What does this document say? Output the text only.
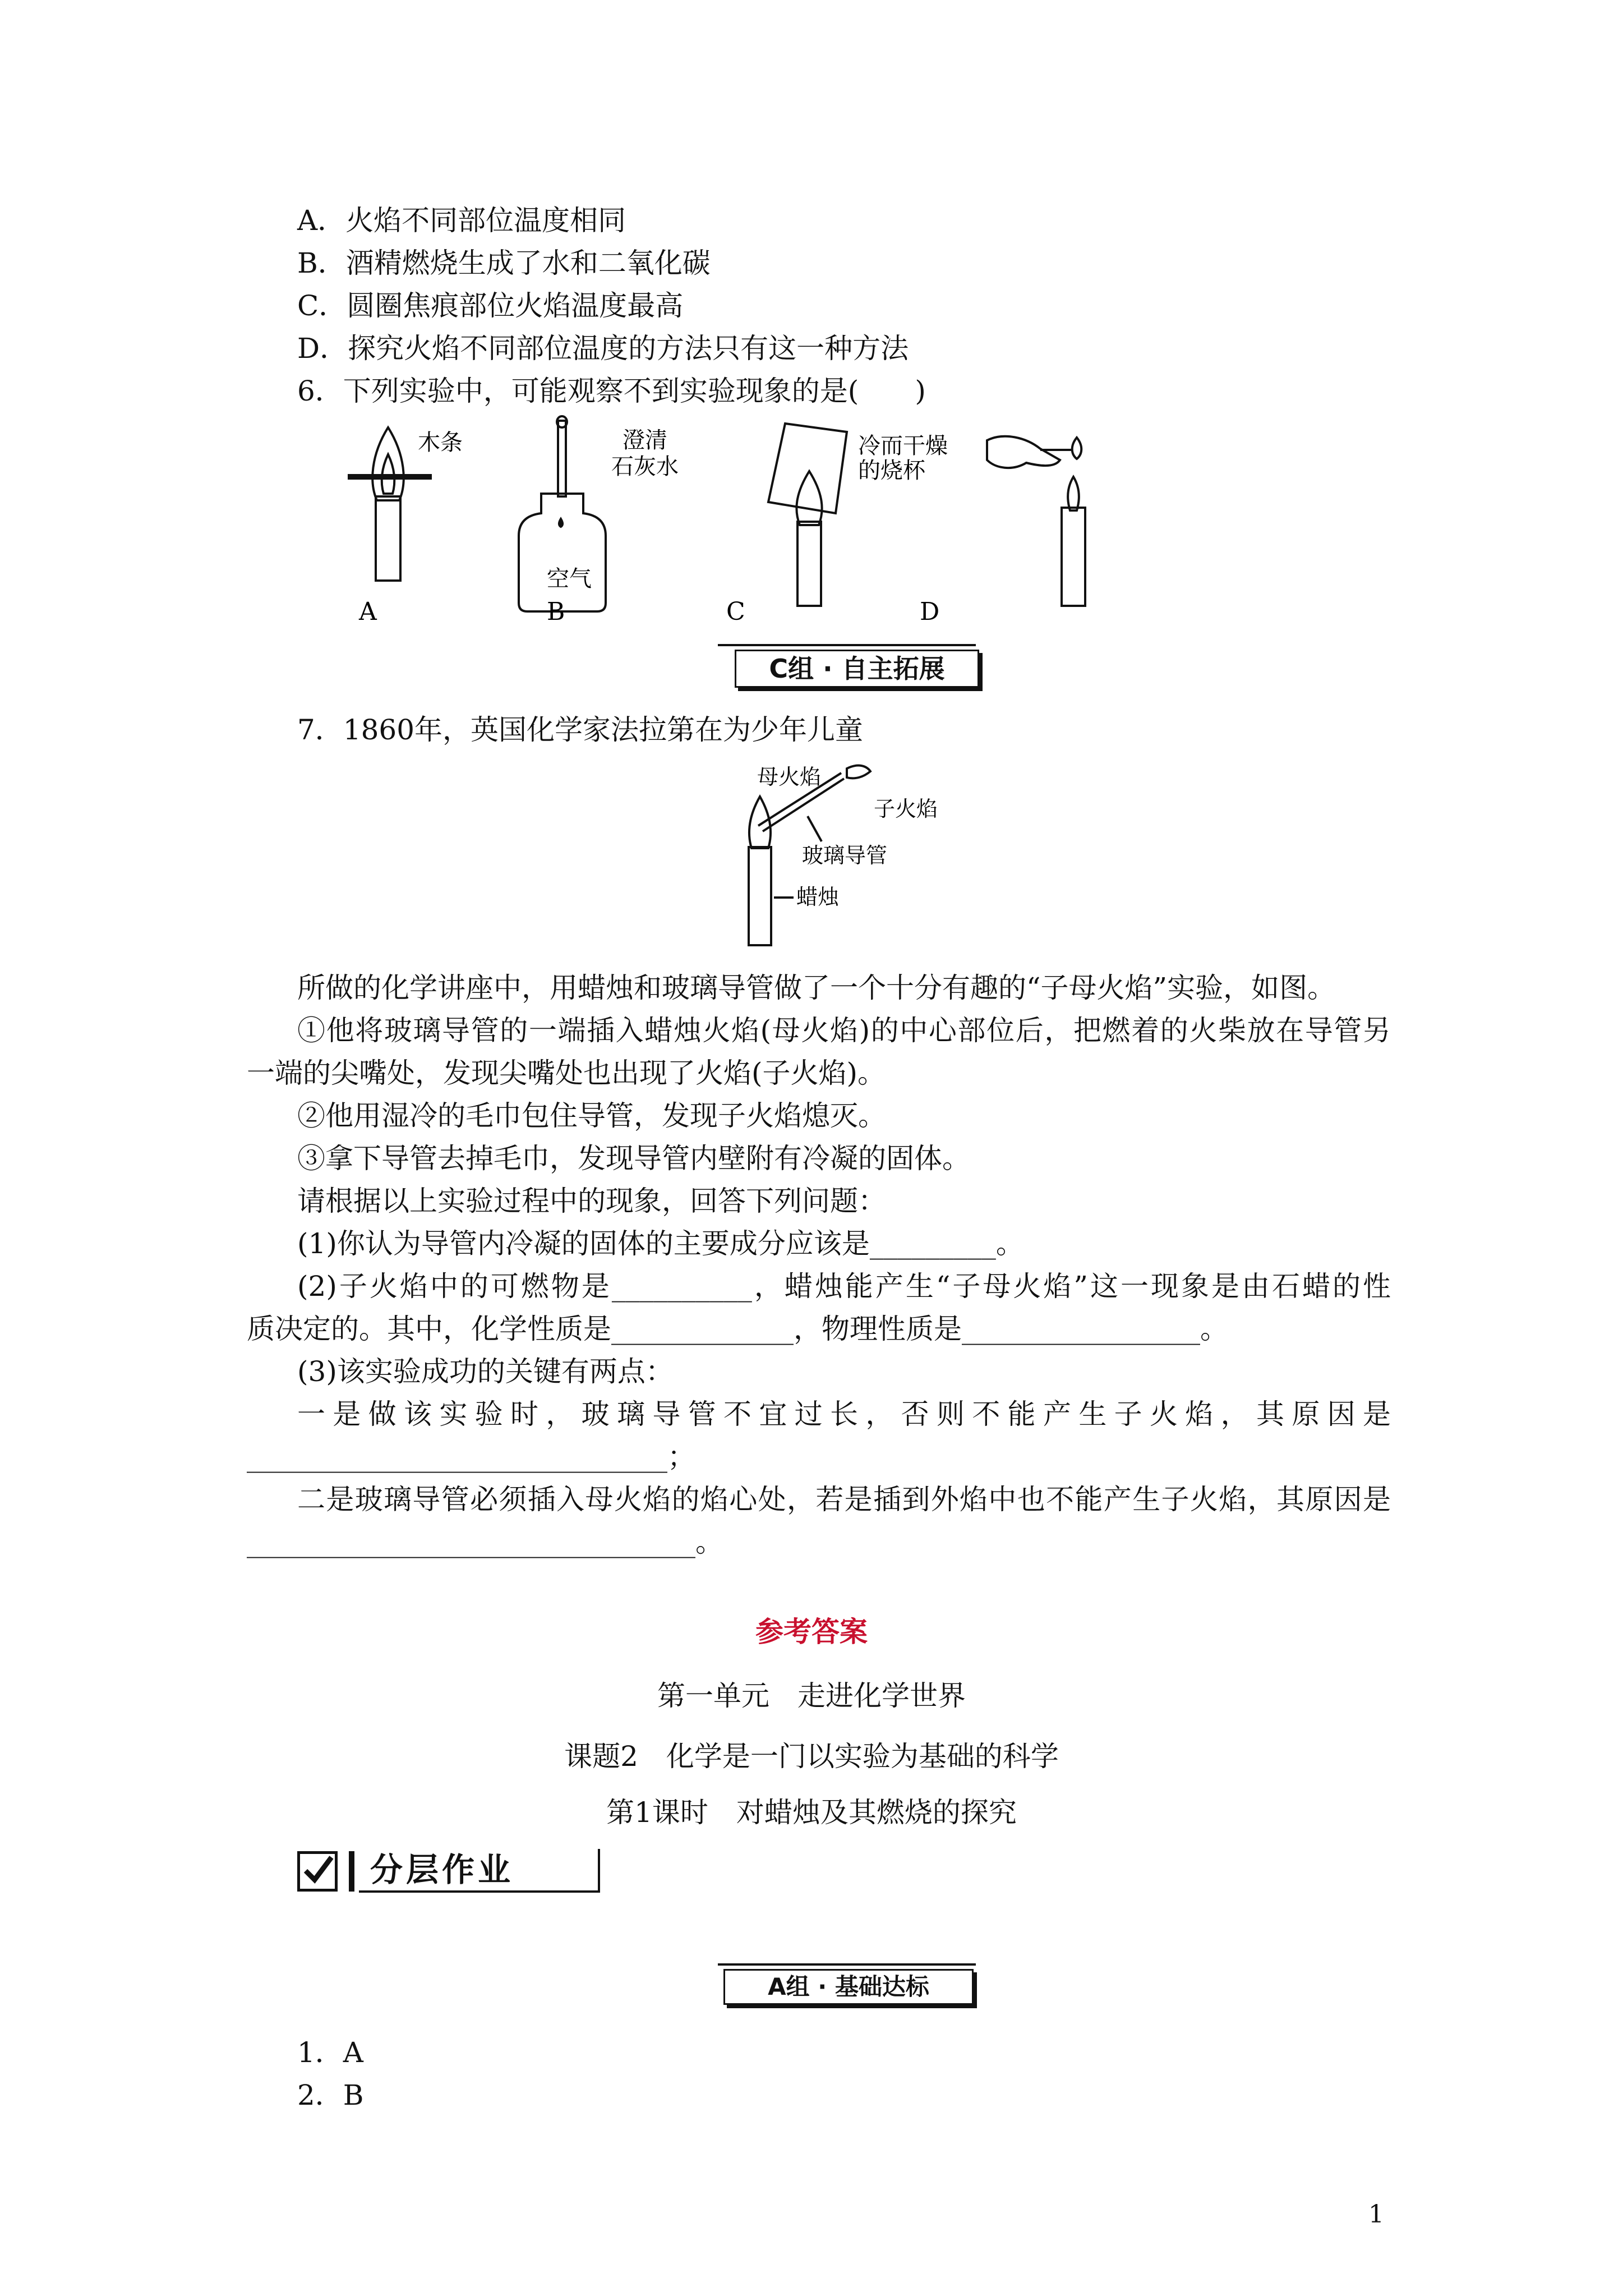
A．火焰不同部位温度相同
B．酒精燃烧生成了水和二氧化碳
C．圆圈焦痕部位火焰温度最高
D．探究火焰不同部位温度的方法只有这一种方法
6．下列实验中，可能观察不到实验现象的是(　　)
木条	澄清
石灰水
空气
冷而干燥
的烧杯
A	B	C	D
C组 · 自主拓展
7．1860年，英国化学家法拉第在为少年儿童
母火焰
子火焰
玻璃导管
蜡烛
所做的化学讲座中，用蜡烛和玻璃导管做了一个十分有趣的“子母火焰”实验，如图。
①他将玻璃导管的一端插入蜡烛火焰(母火焰)的中心部位后，把燃着的火柴放在导管另
一端的尖嘴处，发现尖嘴处也出现了火焰(子火焰)。
②他用湿冷的毛巾包住导管，发现子火焰熄灭。
③拿下导管去掉毛巾，发现导管内壁附有冷凝的固体。
请根据以上实验过程中的现象，回答下列问题：
(1)你认为导管内冷凝的固体的主要成分应该是_________。
(2)子火焰中的可燃物是__________，蜡烛能产生“子母火焰”这一现象是由石蜡的性
质决定的。其中，化学性质是_____________，物理性质是_________________。
(3)该实验成功的关键有两点：
一是做该实验时，玻璃导管不宜过长，否则不能产生子火焰，其原因是
______________________________；
二是玻璃导管必须插入母火焰的焰心处，若是插到外焰中也不能产生子火焰，其原因是
________________________________。
参考答案
第一单元　走进化学世界
课题2　化学是一门以实验为基础的科学
第1课时　对蜡烛及其燃烧的探究
分层作业
A组 · 基础达标
1．A
2．B
1
